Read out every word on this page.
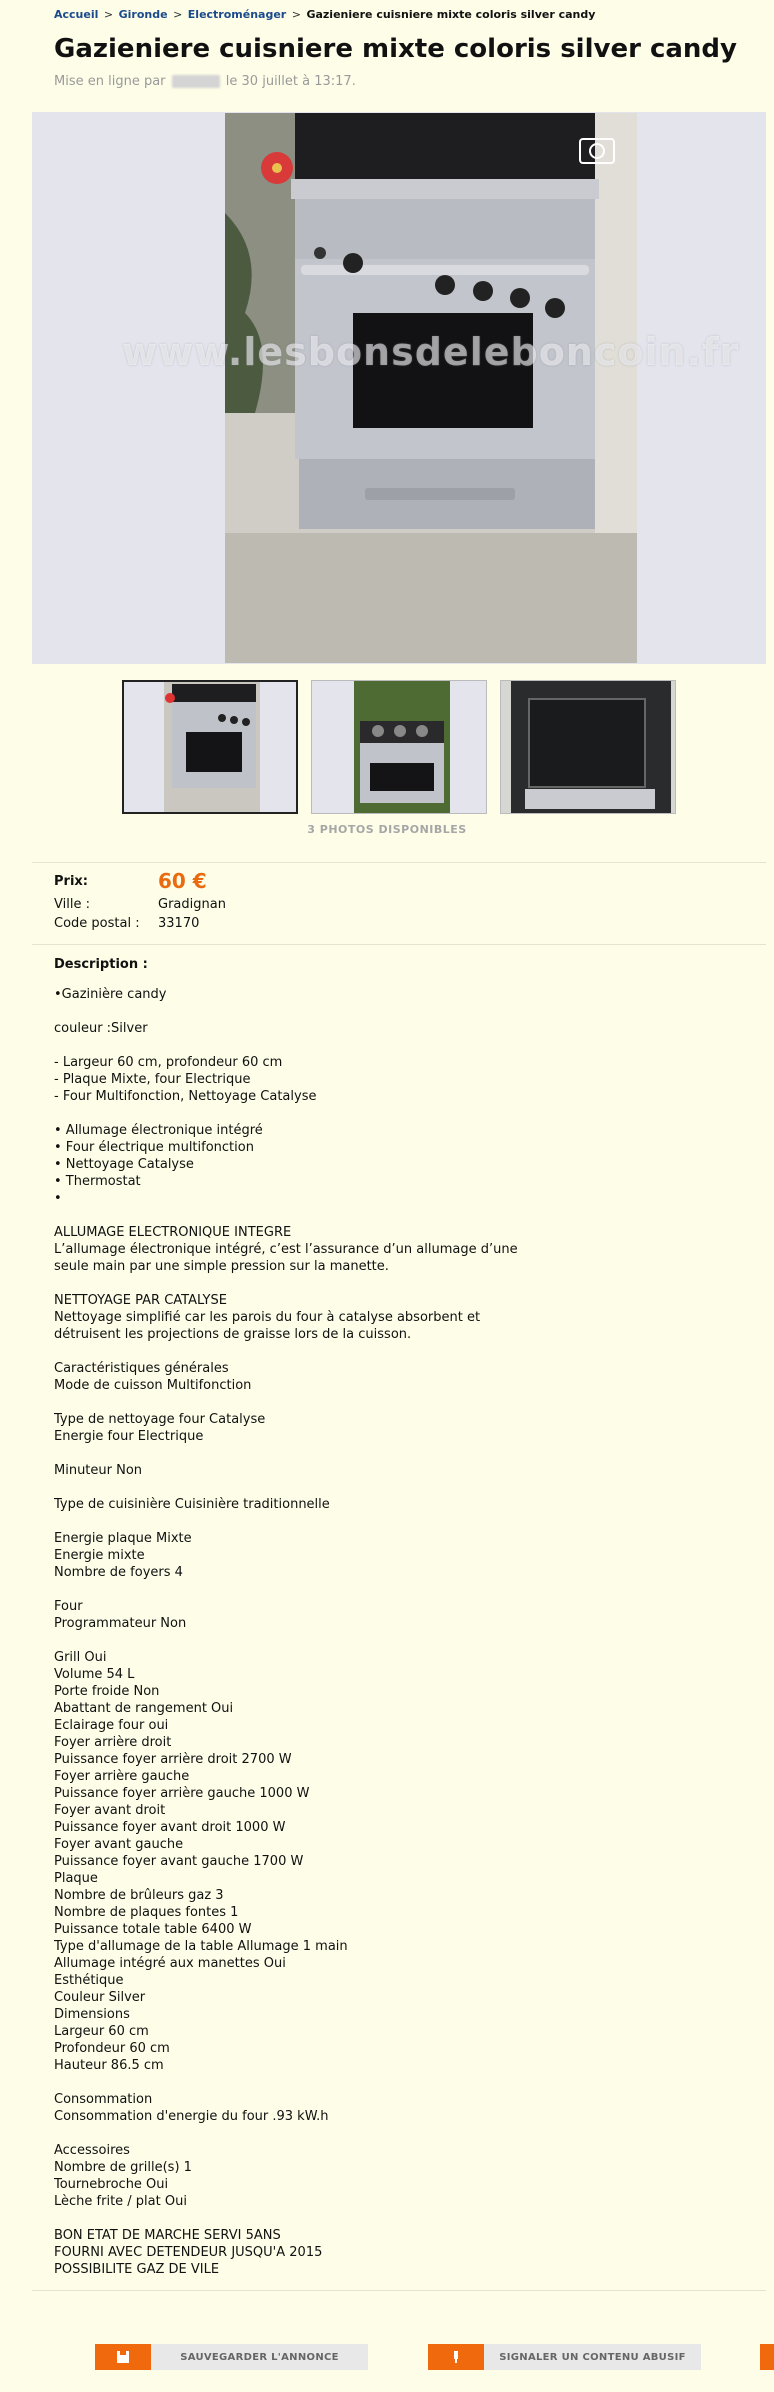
Accueil > Gironde > Electroménager > Gazieniere cuisniere mixte coloris silver candy
Gazieniere cuisniere mixte coloris silver candy
Mise en ligne par	le 30 juillet à 13:17.
www.lesbonsdeleboncoin.fr
3 PHOTOS DISPONIBLES
Prix:	60 €
Ville :	Gradignan
Code postal : 33170
Description :
•Gazinière candy

couleur :Silver

- Largeur 60 cm, profondeur 60 cm
- Plaque Mixte, four Electrique
- Four Multifonction, Nettoyage Catalyse

• Allumage électronique intégré
• Four électrique multifonction
• Nettoyage Catalyse
• Thermostat
•

ALLUMAGE ELECTRONIQUE INTEGRE
L’allumage électronique intégré, c’est l’assurance d’un allumage d’une
seule main par une simple pression sur la manette.

NETTOYAGE PAR CATALYSE
Nettoyage simplifié car les parois du four à catalyse absorbent et
détruisent les projections de graisse lors de la cuisson.

Caractéristiques générales
Mode de cuisson Multifonction

Type de nettoyage four Catalyse
Energie four Electrique

Minuteur Non

Type de cuisinière Cuisinière traditionnelle

Energie plaque Mixte
Energie mixte
Nombre de foyers 4

Four
Programmateur Non

Grill Oui
Volume 54 L
Porte froide Non
Abattant de rangement Oui
Eclairage four oui
Foyer arrière droit
Puissance foyer arrière droit 2700 W
Foyer arrière gauche
Puissance foyer arrière gauche 1000 W
Foyer avant droit
Puissance foyer avant droit 1000 W
Foyer avant gauche
Puissance foyer avant gauche 1700 W
Plaque
Nombre de brûleurs gaz 3
Nombre de plaques fontes 1
Puissance totale table 6400 W
Type d'allumage de la table Allumage 1 main
Allumage intégré aux manettes Oui
Esthétique
Couleur Silver
Dimensions
Largeur 60 cm
Profondeur 60 cm
Hauteur 86.5 cm

Consommation
Consommation d'energie du four .93 kW.h

Accessoires
Nombre de grille(s) 1
Tournebroche Oui
Lèche frite / plat Oui

BON ETAT DE MARCHE SERVI 5ANS
FOURNI AVEC DETENDEUR JUSQU'A 2015
POSSIBILITE GAZ DE VILE
SAUVEGARDER L'ANNONCE	SIGNALER UN CONTENU ABUSIF
